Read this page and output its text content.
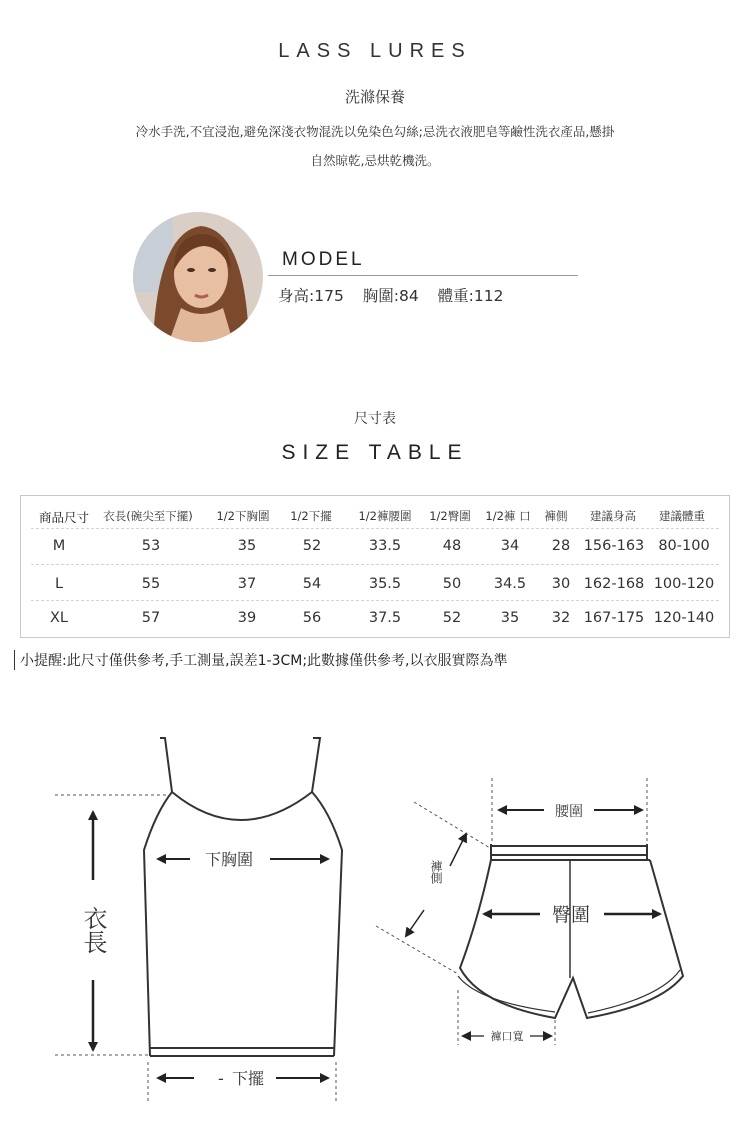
LASS LURES
洗滌保養
冷水手洗,不宜浸泡,避免深淺衣物混洗以免染色勾絲;忌洗衣液肥皂等鹼性洗衣產品,懸掛
自然晾乾,忌烘乾機洗。
MODEL
身高:175 胸圍:84 體重:112
尺寸表
SIZE TABLE
商品尺寸 衣長(碗尖至下擺) 1/2下胸圍 1/2下擺 1/2褲腰圍 1/2臀圍 1/2褲 口 褲側 建議身高 建議體重
M	53	35	52	33.5	48	34 28 156-163 80-100
L	55	37	54	35.5	50 34.5 30 162-168 100-120
XL	57	39	56	37.5	52	35 32 167-175 120-140
小提醒:此尺寸僅供參考,手工測量,誤差1-3CM;此數據僅供參考,以衣服實際為準
下胸圍
衣長
- 下擺
腰圍
臀圍
褲側
褲口寬
